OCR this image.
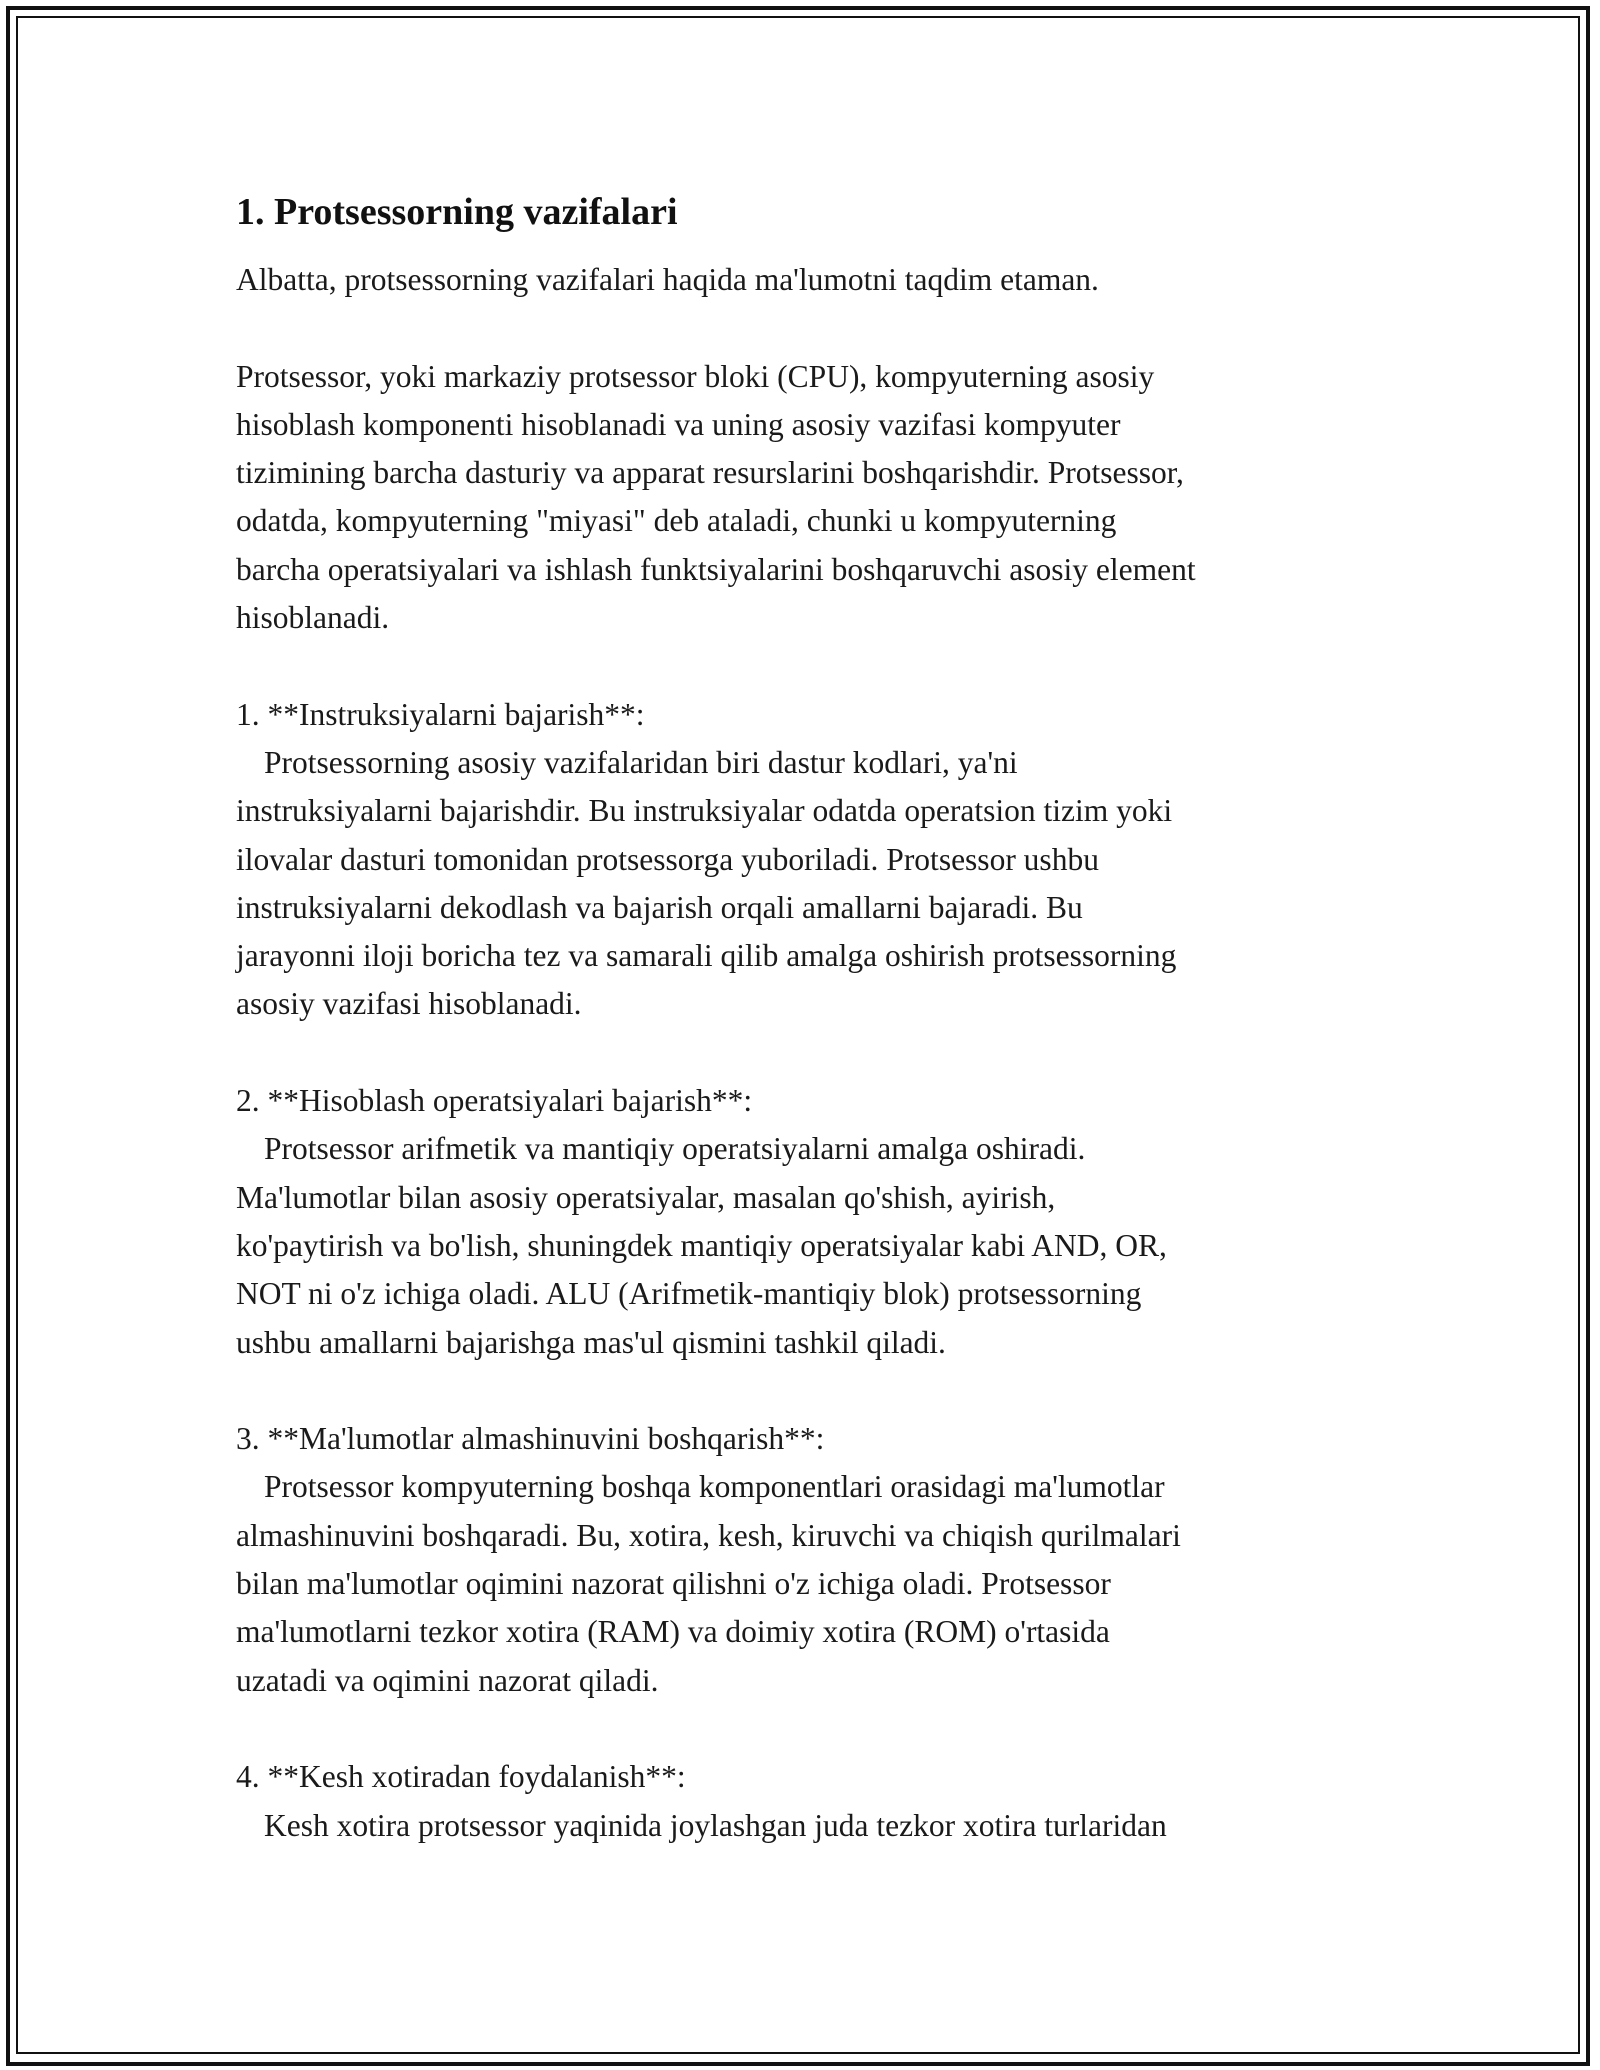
1. Protsessorning vazifalari

Albatta, protsessorning vazifalari haqida ma'lumotni taqdim etaman.

Protsessor, yoki markaziy protsessor bloki (CPU), kompyuterning asosiy
hisoblash komponenti hisoblanadi va uning asosiy vazifasi kompyuter
tizimining barcha dasturiy va apparat resurslarini boshqarishdir. Protsessor,
odatda, kompyuterning "miyasi" deb ataladi, chunki u kompyuterning
barcha operatsiyalari va ishlash funktsiyalarini boshqaruvchi asosiy element
hisoblanadi.

1. **Instruksiyalarni bajarish**:

Protsessorning asosiy vazifalaridan biri dastur kodlari, ya'ni

instruksiyalarni bajarishdir. Bu instruksiyalar odatda operatsion tizim yoki
ilovalar dasturi tomonidan protsessorga yuboriladi. Protsessor ushbu
instruksiyalarni dekodlash va bajarish orqali amallarni bajaradi. Bu
jarayonni iloji boricha tez va samarali qilib amalga oshirish protsessorning
asosiy vazifasi hisoblanadi.

2. **Hisoblash operatsiyalari bajarish**:

Protsessor arifmetik va mantiqiy operatsiyalarni amalga oshiradi.

Ma'lumotlar bilan asosiy operatsiyalar, masalan qo'shish, ayirish,
ko'paytirish va bo'lish, shuningdek mantiqiy operatsiyalar kabi AND, OR,
NOT ni o'z ichiga oladi. ALU (Arifmetik-mantiqiy blok) protsessorning
ushbu amallarni bajarishga mas'ul qismini tashkil qiladi.

3. **Ma'lumotlar almashinuvini boshqarish**:

Protsessor kompyuterning boshqa komponentlari orasidagi ma'lumotlar

almashinuvini boshqaradi. Bu, xotira, kesh, kiruvchi va chiqish qurilmalari
bilan ma'lumotlar oqimini nazorat qilishni o'z ichiga oladi. Protsessor
ma'lumotlarni tezkor xotira (RAM) va doimiy xotira (ROM) o'rtasida
uzatadi va oqimini nazorat qiladi.

4. **Kesh xotiradan foydalanish**:

Kesh xotira protsessor yaqinida joylashgan juda tezkor xotira turlaridan
